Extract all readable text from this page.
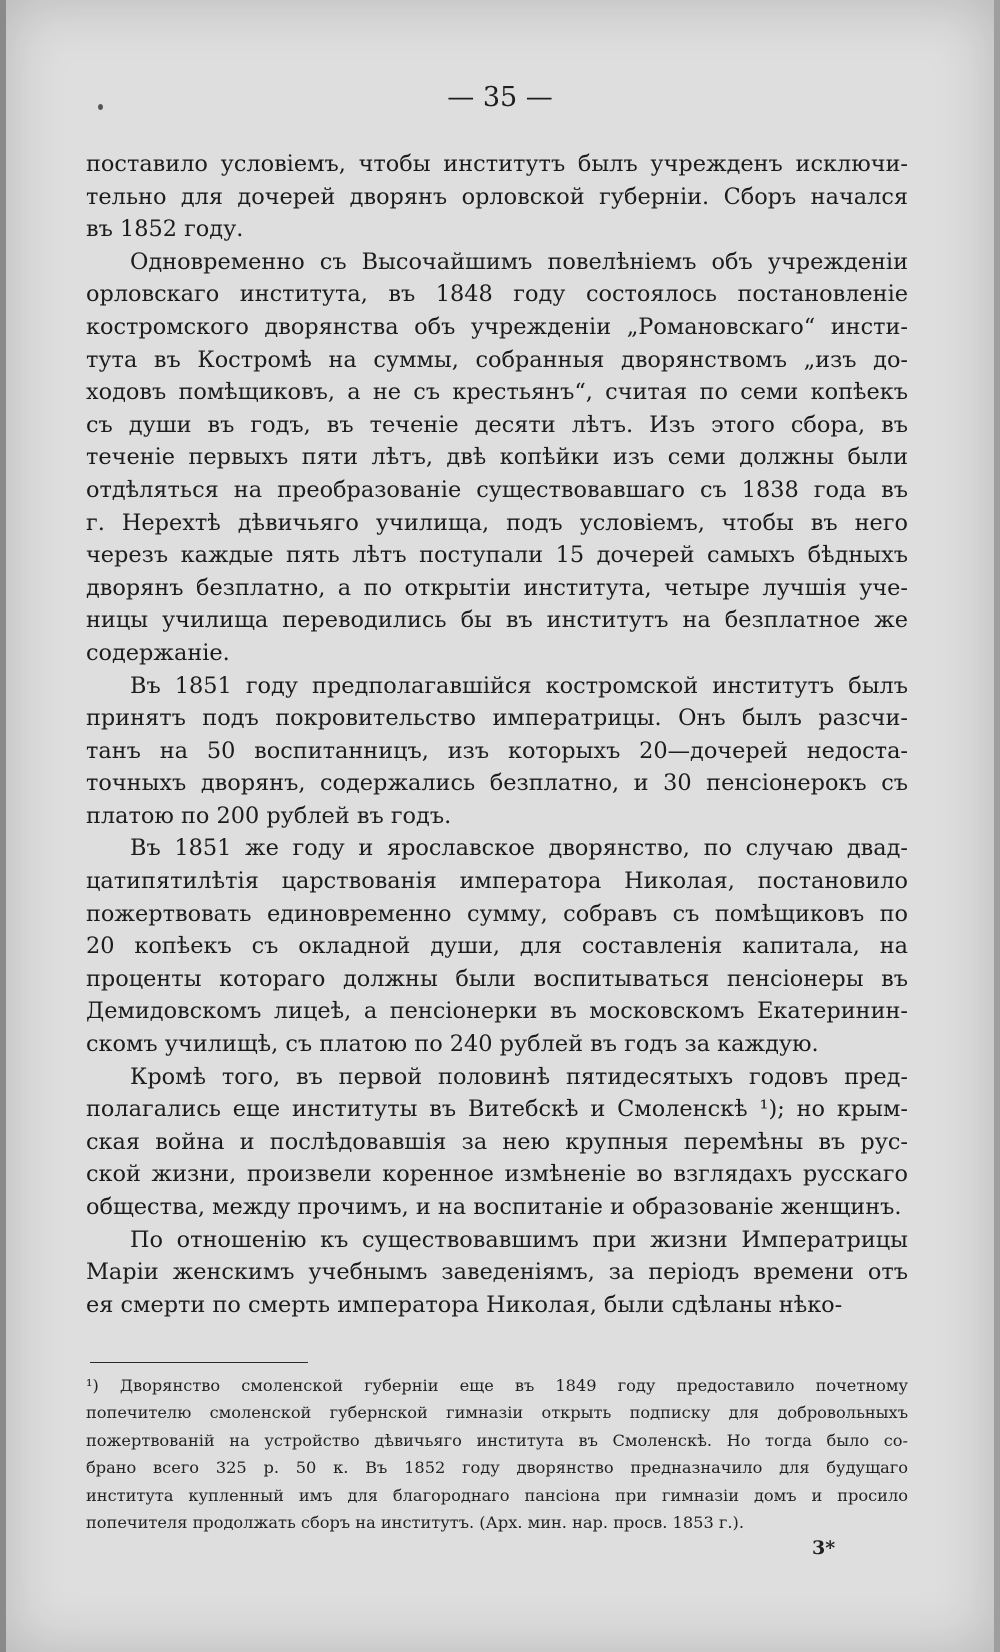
— 35 —
поставило условіемъ, чтобы институтъ былъ учрежденъ исключи-
тельно для дочерей дворянъ орловской губерніи. Сборъ начался
въ 1852 году.
Одновременно съ Высочайшимъ повелѣніемъ объ учрежденіи
орловскаго института, въ 1848 году состоялось постановленіе
костромского дворянства объ учрежденіи „Романовскаго“ инсти-
тута въ Костромѣ на суммы, собранныя дворянствомъ „изъ до-
ходовъ помѣщиковъ, а не съ крестьянъ“, считая по семи копѣекъ
съ души въ годъ, въ теченіе десяти лѣтъ. Изъ этого сбора, въ
теченіе первыхъ пяти лѣтъ, двѣ копѣйки изъ семи должны были
отдѣляться на преобразованіе существовавшаго съ 1838 года въ
г. Нерехтѣ дѣвичьяго училища, подъ условіемъ, чтобы въ него
черезъ каждые пять лѣтъ поступали 15 дочерей самыхъ бѣдныхъ
дворянъ безплатно, а по открытіи института, четыре лучшія уче-
ницы училища переводились бы въ институтъ на безплатное же
содержаніе.
Въ 1851 году предполагавшійся костромской институтъ былъ
принятъ подъ покровительство императрицы. Онъ былъ разсчи-
танъ на 50 воспитанницъ, изъ которыхъ 20—дочерей недоста-
точныхъ дворянъ, содержались безплатно, и 30 пенсіонерокъ съ
платою по 200 рублей въ годъ.
Въ 1851 же году и ярославское дворянство, по случаю двад-
цатипятилѣтія царствованія императора Николая, постановило
пожертвовать единовременно сумму, собравъ съ помѣщиковъ по
20 копѣекъ съ окладной души, для составленія капитала, на
проценты котораго должны были воспитываться пенсіонеры въ
Демидовскомъ лицеѣ, а пенсіонерки въ московскомъ Екатеринин-
скомъ училищѣ, съ платою по 240 рублей въ годъ за каждую.
Кромѣ того, въ первой половинѣ пятидесятыхъ годовъ пред-
полагались еще институты въ Витебскѣ и Смоленскѣ ¹); но крым-
ская война и послѣдовавшія за нею крупныя перемѣны въ рус-
ской жизни, произвели коренное измѣненіе во взглядахъ русскаго
общества, между прочимъ, и на воспитаніе и образованіе женщинъ.
По отношенію къ существовавшимъ при жизни Императрицы
Маріи женскимъ учебнымъ заведеніямъ, за періодъ времени отъ
ея смерти по смерть императора Николая, были сдѣланы нѣко-
¹) Дворянство смоленской губерніи еще въ 1849 году предоставило почетному
попечителю смоленской губернской гимназіи открыть подписку для добровольныхъ
пожертвованій на устройство дѣвичьяго института въ Смоленскѣ. Но тогда было со-
брано всего 325 р. 50 к. Въ 1852 году дворянство предназначило для будущаго
института купленный имъ для благороднаго пансіона при гимназіи домъ и просило
попечителя продолжать сборъ на институтъ. (Арх. мин. нар. просв. 1853 г.).
3*
